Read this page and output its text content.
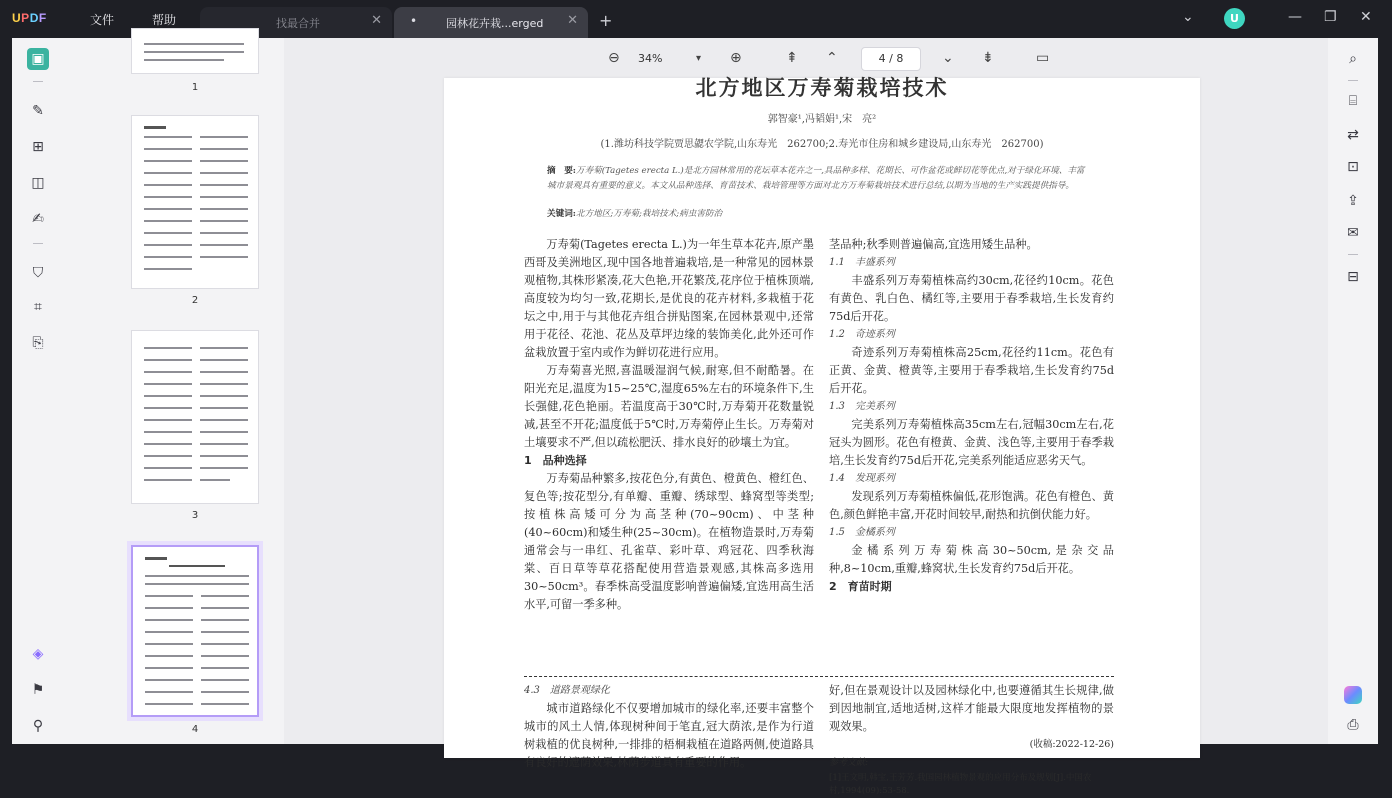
UPDF	文件	帮助	找最合并	✕ •	园林花卉栽...erged ✕ +	⌄	U	— ❐ ✕
▣
✎
⊞
◫
✍
⛉
⌗
⎘
◈
⚑
⚲
1
2
3
4
⊖ 34%	▾ ⊕	⇞ ⌃	4 / 8	⌄ ⇟	▭
北方地区万寿菊栽培技术
郭智豪¹,冯韬娟¹,宋　亮²
(1.潍坊科技学院贾思勰农学院,山东寿光　262700;2.寿光市住房和城乡建设局,山东寿光　262700)
摘　要:万寿菊(Tagetes erecta L.)是北方园林常用的花坛草本花卉之一,具品种多样、花期长、可作盆花或鲜切花等优点,对于绿化环境、丰富城市景观具有重要的意义。本文从品种选择、育苗技术、栽培管理等方面对北方万寿菊栽培技术进行总结,以期为当地的生产实践提供指导。
关键词:北方地区;万寿菊;栽培技术;病虫害防治

万寿菊(Tagetes erecta L.)为一年生草本花卉,原产墨西哥及美洲地区,现中国各地普遍栽培,是一种常见的园林景观植物,其株形紧凑,花大色艳,开花繁茂,花序位于植株顶端,高度较为均匀一致,花期长,是优良的花卉材料,多栽植于花坛之中,用于与其他花卉组合拼贴图案,在园林景观中,还常用于花径、花池、花丛及草坪边缘的装饰美化,此外还可作盆栽放置于室内或作为鲜切花进行应用。

万寿菊喜光照,喜温暖湿润气候,耐寒,但不耐酷暑。在阳光充足,温度为15~25℃,湿度65%左右的环境条件下,生长强健,花色艳丽。若温度高于30℃时,万寿菊开花数量锐减,甚至不开花;温度低于5℃时,万寿菊停止生长。万寿菊对土壤要求不严,但以疏松肥沃、排水良好的砂壤土为宜。

1　品种选择

万寿菊品种繁多,按花色分,有黄色、橙黄色、橙红色、复色等;按花型分,有单瓣、重瓣、绣球型、蜂窝型等类型;按植株高矮可分为高茎种(70~90cm)、中茎种(40~60cm)和矮生种(25~30cm)。在植物造景时,万寿菊通常会与一串红、孔雀草、彩叶草、鸡冠花、四季秋海棠、百日草等草花搭配使用营造景观感,其株高多选用30~50cm³。春季株高受温度影响普遍偏矮,宜选用高生活水平,可留一季多种。

茎品种;秋季则普遍偏高,宜选用矮生品种。

1.1　丰盛系列

丰盛系列万寿菊植株高约30cm,花径约10cm。花色有黄色、乳白色、橘红等,主要用于春季栽培,生长发育约75d后开花。

1.2　奇迹系列

奇迹系列万寿菊植株高25cm,花径约11cm。花色有正黄、金黄、橙黄等,主要用于春季栽培,生长发育约75d后开花。

1.3　完美系列

完美系列万寿菊植株高35cm左右,冠幅30cm左右,花冠头为圆形。花色有橙黄、金黄、浅色等,主要用于春季栽培,生长发育约75d后开花,完美系列能适应恶劣天气。

1.4　发现系列

发现系列万寿菊植株偏低,花形饱满。花色有橙色、黄色,颜色鲜艳丰富,开花时间较早,耐热和抗倒伏能力好。

1.5　金橘系列

金橘系列万寿菊株高30~50cm,是杂交品种,8~10cm,重瓣,蜂窝状,生长发育约75d后开花。

2　育苗时期

4.3　道路景观绿化
城市道路绿化不仅要增加城市的绿化率,还要丰富整个城市的风土人情,体现树种间于笔直,冠大荫浓,是作为行道树栽植的优良树种,一排排的梧桐栽植在道路两侧,使道路具有良好的遮荫效果,林荫步道具有重要的作用。
好,但在景观设计以及园林绿化中,也要遵循其生长规律,做到因地制宜,适地适树,这样才能最大限度地发挥植物的景观效果。
(收稿:2022-12-26)
参考文献:
[1]王文明,韩宝,王芳芳.我国园林植物景观的应用分布及规划[J].中国农村,1994(09):53-58.
⌕
⌸
⇄
⊡
⇪
✉
⊟
⎙
